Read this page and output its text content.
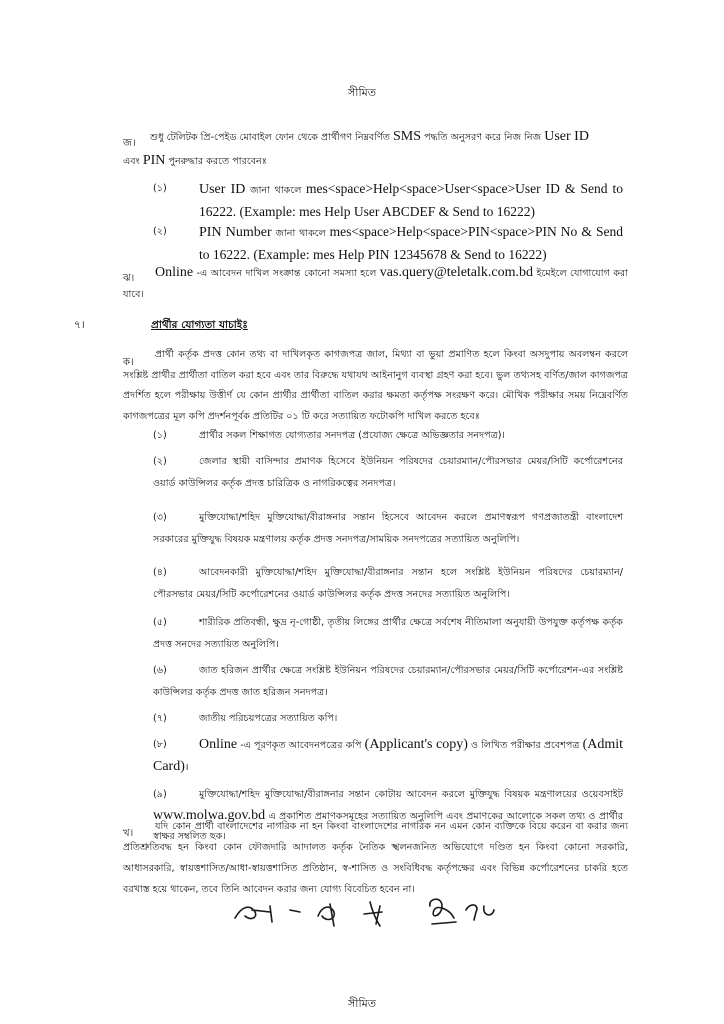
সীমিত
জ।
শুধু টেলিটক প্রি-পেইড মোবাইল ফোন থেকে প্রার্থীগণ নিম্নবর্ণিত SMS পদ্ধতি অনুসরণ করে নিজ নিজ User ID
এবং PIN পুনরুদ্ধার করতে পারবেনঃ
(১)	User ID জানা থাকলে mes<space>Help<space>User<space>User ID & Send to 16222. (Example: mes Help User ABCDEF & Send to 16222)
(২)	PIN Number জানা থাকলে mes<space>Help<space>PIN<space>PIN No & Send to 16222. (Example: mes Help PIN 12345678 & Send to 16222)
ঝ।	Online -এ আবেদন দাখিল সংক্রান্ত কোনো সমস্যা হলে vas.query@teletalk.com.bd ইমেইলে যোগাযোগ করা যাবে।
৭।	প্রার্থীর যোগ্যতা যাচাইঃ
ক।
প্রার্থী কর্তৃক প্রদত্ত কোন তথ্য বা দাখিলকৃত কাগজপত্র জাল, মিথ্যা বা ভুয়া প্রমাণিত হলে কিংবা অসদুপায় অবলম্বন করলে সংশ্লিষ্ট প্রার্থীর প্রার্থীতা বাতিল করা হবে এবং তার বিরুদ্ধে যথাযথ আইনানুগ ব্যবস্থা গ্রহণ করা হবে। ভুল তথ্যসহ বর্ণিত/জাল কাগজপত্র প্রদর্শিত হলে পরীক্ষায় উত্তীর্ণ যে কোন প্রার্থীর প্রার্থীতা বাতিল করার ক্ষমতা কর্তৃপক্ষ সংরক্ষণ করে। মৌখিক পরীক্ষার সময় নিম্নেবর্ণিত কাগজপত্রের মূল কপি প্রদর্শনপূর্বক প্রতিটির ০১ টি করে সত্যায়িত ফটোকপি দাখিল করতে হবেঃ
(১)	প্রার্থীর সকল শিক্ষাগত যোগ্যতার সনদপত্র (প্রযোজ্য ক্ষেত্রে অভিজ্ঞতার সনদপত্র)।
(২)	জেলার স্থায়ী বাসিন্দার প্রমাণক হিসেবে ইউনিয়ন পরিষদের চেয়ারম্যান/পৌরসভার মেয়র/সিটি কর্পোরেশনের ওয়ার্ড কাউন্সিলর কর্তৃক প্রদত্ত চারিত্রিক ও নাগরিকত্বের সনদপত্র।
(৩)	মুক্তিযোদ্ধা/শহিদ মুক্তিযোদ্ধা/বীরাঙ্গনার সন্তান হিসেবে আবেদন করলে প্রমাণস্বরূপ গণপ্রজাতন্ত্রী বাংলাদেশ সরকারের মুক্তিযুদ্ধ বিষয়ক মন্ত্রণালয় কর্তৃক প্রদত্ত সনদপত্র/সাময়িক সনদপত্রের সত্যায়িত অনুলিপি।
(৪)	আবেদনকারী মুক্তিযোদ্ধা/শহিদ মুক্তিযোদ্ধা/বীরাঙ্গনার সন্তান হলে সংশ্লিষ্ট ইউনিয়ন পরিষদের চেয়ারম্যান/পৌরসভার মেয়র/সিটি কর্পোরেশনের ওয়ার্ড কাউন্সিলর কর্তৃক প্রদত্ত সনদের সত্যায়িত অনুলিপি।
(৫)	শারীরিক প্রতিবন্ধী, ক্ষুদ্র নৃ-গোষ্ঠী, তৃতীয় লিঙ্গের প্রার্থীর ক্ষেত্রে সর্বশেষ নীতিমালা অনুযায়ী উপযুক্ত কর্তৃপক্ষ কর্তৃক প্রদত্ত সনদের সত্যায়িত অনুলিপি।
(৬)	জাত হরিজন প্রার্থীর ক্ষেত্রে সংশ্লিষ্ট ইউনিয়ন পরিষদের চেয়ারম্যান/পৌরসভার মেয়র/সিটি কর্পোরেশন-এর সংশ্লিষ্ট কাউন্সিলর কর্তৃক প্রদত্ত জাত হরিজন সনদপত্র।
(৭)	জাতীয় পরিচয়পত্রের সত্যায়িত কপি।
(৮)	Online -এ পূরণকৃত আবেদনপত্রের কপি (Applicant's copy) ও লিখিত পরীক্ষার প্রবেশপত্র (Admit Card)।
(৯)	মুক্তিযোদ্ধা/শহিদ মুক্তিযোদ্ধা/বীরাঙ্গনার সন্তান কোটায় আবেদন করলে মুক্তিযুদ্ধ বিষয়ক মন্ত্রণালয়ের ওয়েবসাইট www.molwa.gov.bd এ প্রকাশিত প্রমাণকসমূহের সত্যায়িত অনুলিপি এবং প্রমাণকের আলোকে সকল তথ্য ও প্রার্থীর স্বাক্ষর সম্বলিত ছক।
খ।
যদি কোন প্রার্থী বাংলাদেশের নাগরিক না হন কিংবা বাংলাদেশের নাগরিক নন এমন কোন ব্যক্তিকে বিয়ে করেন বা করার জন্য প্রতিশ্রুতিবদ্ধ হন কিংবা কোন ফৌজদারি আদালত কর্তৃক নৈতিক স্খলনজনিত অভিযোগে দণ্ডিত হন কিংবা কোনো সরকারি, আধাসরকারি, স্বায়ত্তশাসিত/আধা-স্বায়ত্তশাসিত প্রতিষ্ঠান, স্ব-শাসিত ও সংবিধিবদ্ধ কর্তৃপক্ষের এবং বিভিন্ন কর্পোরেশনের চাকরি হতে বরখাস্ত হয়ে থাকেন, তবে তিনি আবেদন করার জন্য যোগ্য বিবেচিত হবেন না।
সীমিত
